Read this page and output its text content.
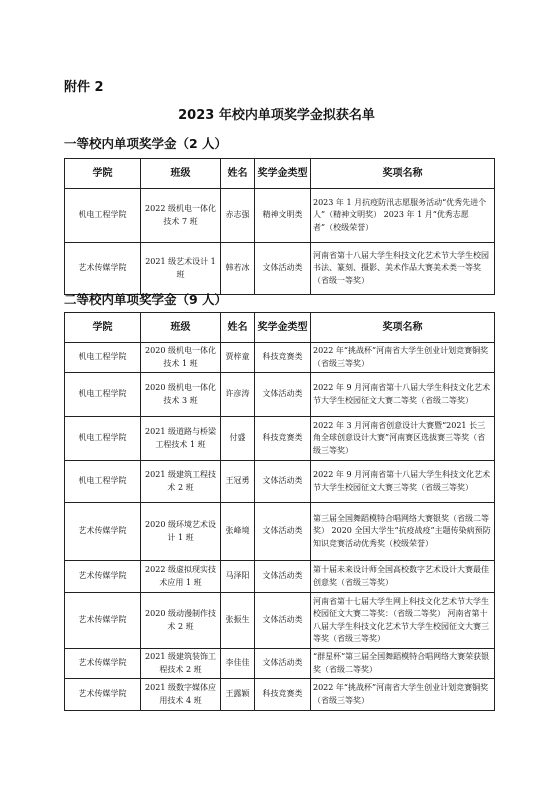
附件 2
2023 年校内单项奖学金拟获名单
一等校内单项奖学金（2 人）
学院	班级	姓名	奖学金类型	奖项名称
机电工程学院	2022 级机电一体化技术 7 班	赤志强	精神文明类	2023 年 1 月抗疫防汛志愿服务活动“优秀先进个人”（精神文明奖） 2023 年 1 月“优秀志愿者”（校级荣誉）
艺术传媒学院	2021 级艺术设计 1 班	韩若冰	文体活动类	河南省第十八届大学生科技文化艺术节大学生校园书法、篆刻、摄影、美术作品大赛美术类一等奖（省级一等奖）
二等校内单项奖学金（9 人）
学院	班级	姓名	奖学金类型	奖项名称
机电工程学院	2020 级机电一体化技术 1 班	贾梓童	科技竞赛类	2022 年“挑战杯”河南省大学生创业计划竞赛铜奖（省级三等奖）
机电工程学院	2020 级机电一体化技术 3 班	许彦涛	文体活动类	2022 年 9 月河南省第十八届大学生科技文化艺术节大学生校园征文大赛二等奖（省级二等奖）
机电工程学院	2021 级道路与桥梁工程技术 1 班	付盛	科技竞赛类	2022 年 3 月河南省创意设计大赛暨“2021 长三角全球创意设计大赛”河南赛区选拔赛三等奖（省级三等奖）
机电工程学院	2021 级建筑工程技术 2 班	王冠勇	文体活动类	2022 年 9 月河南省第十八届大学生科技文化艺术节大学生校园征文大赛三等奖（省级三等奖）
艺术传媒学院	2020 级环境艺术设计 1 班	张峰境	文体活动类	第三届全国舞蹈模特合唱网络大赛银奖（省级二等奖） 2020 全国大学生“抗疫战疫”主题传染病预防知识竞赛活动优秀奖（校级荣誉）
艺术传媒学院	2022 级虚拟现实技术应用 1 班	马泽阳	文体活动类	第十届未来设计师全国高校数字艺术设计大赛最佳创意奖（省级三等奖）
艺术传媒学院	2020 级动漫制作技术 2 班	张振生	文体活动类	河南省第十七届大学生网上科技文化艺术节大学生校园征文大赛二等奖：（省级二等奖） 河南省第十八届大学生科技文化艺术节大学生校园征文大赛三等奖（省级三等奖）
艺术传媒学院	2021 级建筑装饰工程技术 2 班	李佳佳	文体活动类	“群星杯”第三届全国舞蹈模特合唱网络大赛荣获银奖（省级二等奖）
艺术传媒学院	2021 级数字媒体应用技术 4 班	王露颖	科技竞赛类	2022 年“挑战杯”河南省大学生创业计划竞赛铜奖（省级三等奖）
